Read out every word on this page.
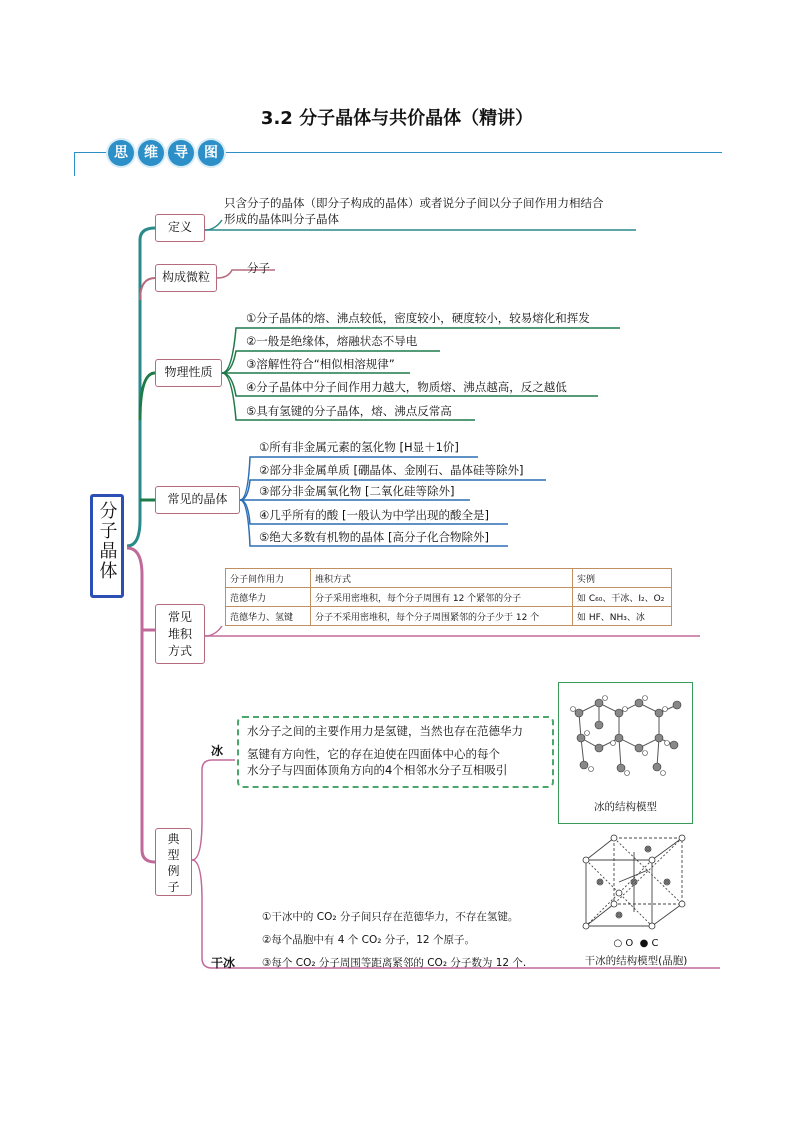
3.2 分子晶体与共价晶体（精讲）
思	维	导	图
分子晶体
定义
只含分子的晶体（即分子构成的晶体）或者说分子间以分子间作用力相结合
形成的晶体叫分子晶体
构成微粒
分子
物理性质
①分子晶体的熔、沸点较低，密度较小，硬度较小，较易熔化和挥发
②一般是绝缘体，熔融状态不导电
③溶解性符合“相似相溶规律”
④分子晶体中分子间作用力越大，物质熔、沸点越高，反之越低
⑤具有氢键的分子晶体，熔、沸点反常高
常见的晶体
①所有非金属元素的氢化物 [H显＋1价]
②部分非金属单质 [硼晶体、金刚石、晶体硅等除外]
③部分非金属氧化物 [二氧化硅等除外]
④几乎所有的酸 [一般认为中学出现的酸全是]
⑤绝大多数有机物的晶体 [高分子化合物除外]
常见堆积方式
分子间作用力	堆积方式	实例
范德华力	分子采用密堆积，每个分子周围有 12 个紧邻的分子	如 C₆₀、干冰、I₂、O₂
范德华力、氢键	分子不采用密堆积，每个分子周围紧邻的分子少于 12 个	如 HF、NH₃、冰
典型例子
冰
水分子之间的主要作用力是氢键，当然也存在范德华力
氢键有方向性，它的存在迫使在四面体中心的每个
水分子与四面体顶角方向的4个相邻水分子互相吸引
冰的结构模型
干冰
①干冰中的 CO₂ 分子间只存在范德华力，不存在氢键。
②每个晶胞中有 4 个 CO₂ 分子，12 个原子。
③每个 CO₂ 分子周围等距离紧邻的 CO₂ 分子数为 12 个.
○ O ● C
干冰的结构模型(晶胞)
